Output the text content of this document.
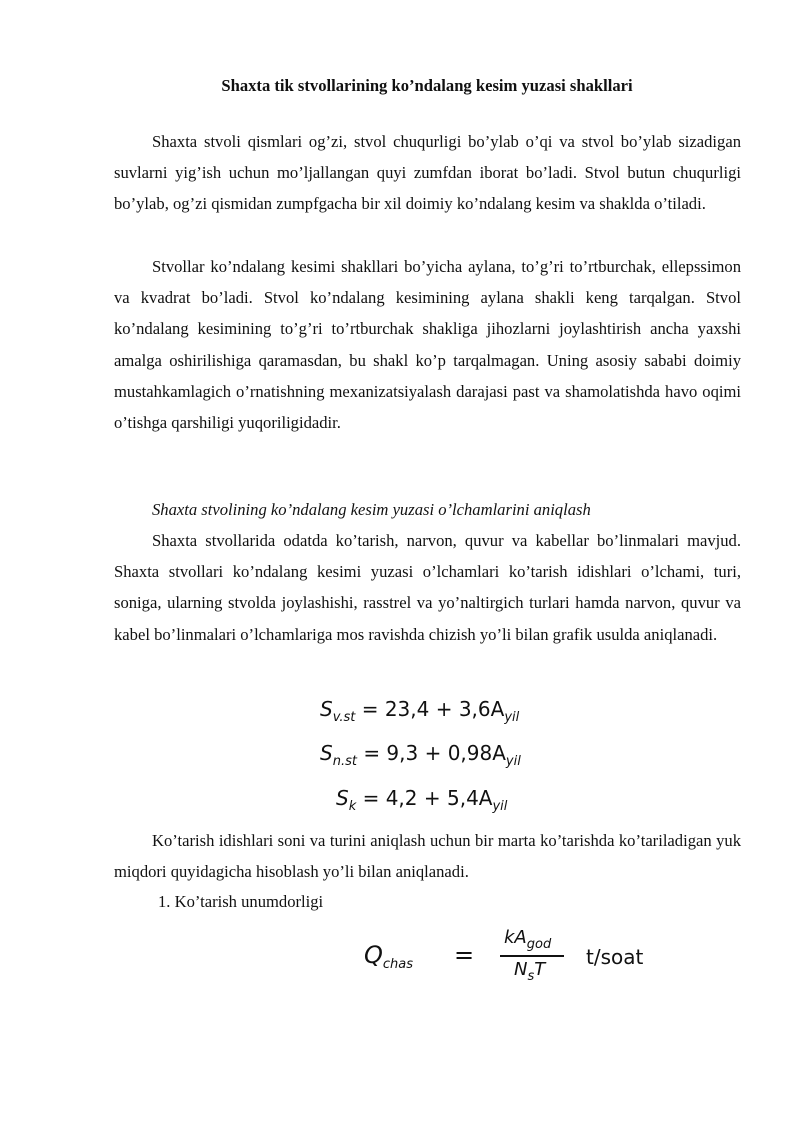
Shaxta tik stvollarining ko’ndalang kesim yuzasi shakllari

Shaxta stvoli qismlari og’zi, stvol chuqurligi bo’ylab o’qi va stvol bo’ylab sizadigan suvlarni yig’ish uchun mo’ljallangan quyi zumfdan iborat bo’ladi. Stvol butun chuqurligi bo’ylab, og’zi qismidan zumpfgacha bir xil doimiy ko’ndalang kesim va shaklda o’tiladi.

Stvollar ko’ndalang kesimi shakllari bo’yicha aylana, to’g’ri to’rtburchak, ellepssimon va kvadrat bo’ladi. Stvol ko’ndalang kesimining aylana shakli keng tarqalgan. Stvol ko’ndalang kesimining to’g’ri to’rtburchak shakliga jihozlarni joylashtirish ancha yaxshi amalga oshirilishiga qaramasdan, bu shakl ko’p tarqalmagan. Uning asosiy sababi doimiy mustahkamlagich o’rnatishning mexanizatsiyalash darajasi past va shamolatishda havo oqimi o’tishga qarshiligi yuqoriligidadir.

Shaxta stvolining ko’ndalang kesim yuzasi o’lchamlarini aniqlash

Shaxta stvollarida odatda ko’tarish, narvon, quvur va kabellar bo’linmalari mavjud. Shaxta stvollari ko’ndalang kesimi yuzasi o’lchamlari ko’tarish idishlari o’lchami, turi, soniga, ularning stvolda joylashishi, rasstrel va yo’naltirgich turlari hamda narvon, quvur va kabel bo’linmalari o’lchamlariga mos ravishda chizish yo’li bilan grafik usulda aniqlanadi.

$S_{v.st} = 23,4 + 3,6A_{yil}$
$S_{n.st} = 9,3 + 0,98A_{yil}$
$S_k = 4,2 + 5,4A_{yil}$

Ko’tarish idishlari soni va turini aniqlash uchun bir marta ko’tarishda ko’tariladigan yuk miqdori quyidagicha hisoblash yo’li bilan aniqlanadi.

1. Ko’tarish unumdorligi
$Q_{chas}$ =
$kA_{god}$
$N_sT$
t/soat
